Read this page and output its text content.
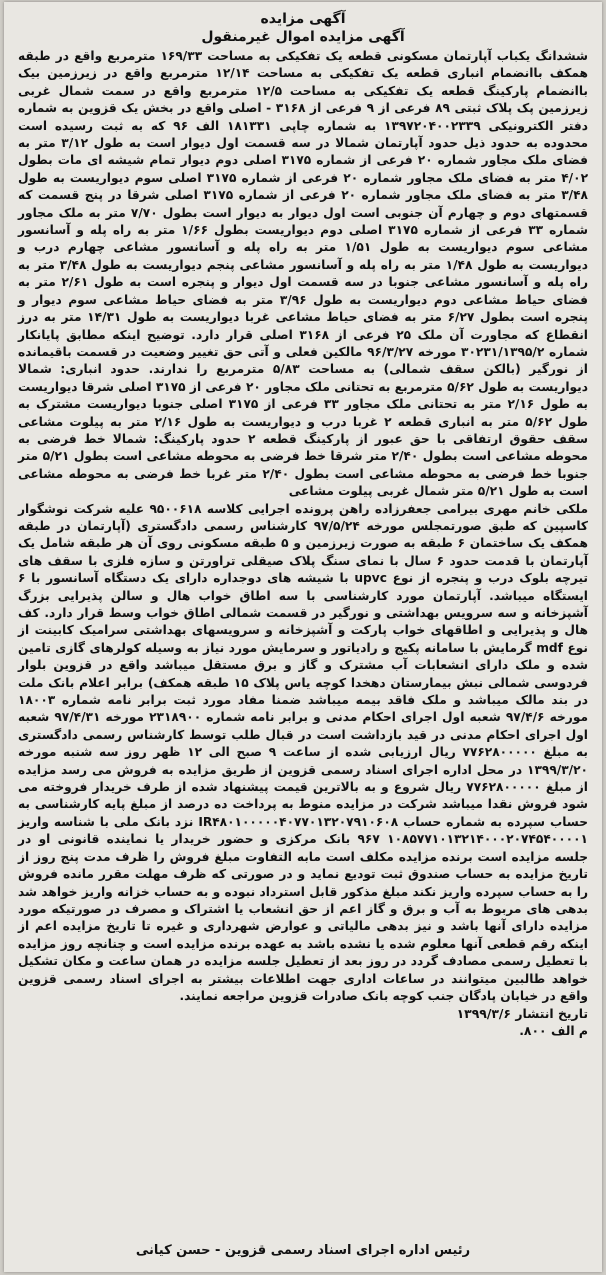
آگهی مزایده
آگهی مزایده اموال غیرمنقول

ششدانگ یکباب آپارتمان مسکونی قطعه یک تفکیکی به مساحت ۱۶۹/۳۳ مترمربع واقع در طبقه همکف باانضمام انباری قطعه یک تفکیکی به مساحت ۱۲/۱۴ مترمربع واقع در زیرزمین بیک باانضمام پارکینگ قطعه یک تفکیکی به مساحت ۱۲/۵ مترمربع واقع در سمت شمال غربی زیرزمین پک پلاک ثبتی ۸۹ فرعی از ۹ فرعی از ۳۱۶۸ - اصلی واقع در بخش یک قزوین به شماره دفتر الکترونیکی ۱۳۹۷۲۰۴۰۰۲۳۳۹ به شماره چاپی ۱۸۱۳۳۱ الف ۹۶ که به ثبت رسیده است محدوده به حدود ذیل حدود آپارتمان شمالا در سه قسمت اول دیوار است به طول ۳/۱۲ متر به فضای ملک مجاور شماره ۲۰ فرعی از شماره ۳۱۷۵ اصلی دوم دیوار تمام شیشه ای مات بطول ۴/۰۲ متر به فضای ملک مجاور شماره ۲۰ فرعی از شماره ۳۱۷۵ اصلی سوم دیواریست به طول ۳/۴۸ متر به فضای ملک مجاور شماره ۲۰ فرعی از شماره ۳۱۷۵ اصلی شرقا در پنج قسمت که قسمتهای دوم و چهارم آن جنوبی است اول دیوار به دیوار است بطول ۷/۷۰ متر به ملک مجاور شماره ۳۳ فرعی از شماره ۳۱۷۵ اصلی دوم دیواریست بطول ۱/۶۶ متر به راه پله و آسانسور مشاعی سوم دیواریست به طول ۱/۵۱ متر به راه پله و آسانسور مشاعی چهارم درب و دیواریست به طول ۱/۴۸ متر به راه پله و آسانسور مشاعی پنجم دیواریست به طول ۳/۴۸ متر به راه پله و آسانسور مشاعی جنوبا در سه قسمت اول دیوار و پنجره است به طول ۲/۶۱ متر به فضای حیاط مشاعی دوم دیواریست به طول ۳/۹۶ متر به فضای حیاط مشاعی سوم دیوار و پنجره است بطول ۶/۲۷ متر به فضای حیاط مشاعی غربا دیواریست به طول ۱۴/۳۱ متر به درز انقطاع که مجاورت آن ملک ۲۵ فرعی از ۳۱۶۸ اصلی قرار دارد. توضیح اینکه مطابق پایانکار شماره ۳۰۲۳۱/۱۳۹۵/۲ مورخه ۹۶/۳/۲۷ مالکین فعلی و آتی حق تغییر وضعیت در قسمت باقیمانده از نورگیر (بالکن سقف شمالی) به مساحت ۵/۸۳ مترمربع را ندارند. حدود انباری: شمالا دیواریست به طول ۵/۶۲ مترمربع به تحتانی ملک مجاور ۲۰ فرعی از ۳۱۷۵ اصلی شرقا دیواریست به طول ۲/۱۶ متر به تحتانی ملک مجاور ۳۳ فرعی از ۳۱۷۵ اصلی جنوبا دیواریست مشترک به طول ۵/۶۲ متر به انباری قطعه ۲ غربا درب و دیواریست به طول ۲/۱۶ متر به پیلوت مشاعی سقف حقوق ارتفاقی با حق عبور از پارکینگ قطعه ۲ حدود پارکینگ: شمالا خط فرضی به محوطه مشاعی است بطول ۲/۴۰ متر شرقا خط فرضی به محوطه مشاعی است بطول ۵/۲۱ متر جنوبا خط فرضی به محوطه مشاعی است بطول ۲/۴۰ متر غربا خط فرضی به محوطه مشاعی است به طول ۵/۲۱ متر شمال غربی پیلوت مشاعی

ملکی خانم مهری بیرامی جعفرزاده راهن پرونده اجرایی کلاسه ۹۵۰۰۶۱۸ علیه شرکت نوشگوار کاسپین که طبق صورتمجلس مورخه ۹۷/۵/۲۴ کارشناس رسمی دادگستری (آپارتمان در طبقه همکف یک ساختمان ۶ طبقه به صورت زیرزمین و ۵ طبقه مسکونی روی آن هر طبقه شامل یک آپارتمان با قدمت حدود ۶ سال با نمای سنگ پلاک صیقلی تراورتن و سازه فلزی با سقف های تیرچه بلوک درب و پنجره از نوع upvc با شیشه های دوجداره دارای یک دستگاه آسانسور با ۶ ایستگاه میباشد. آپارتمان مورد کارشناسی با سه اطاق خواب هال و سالن پذیرایی بزرگ آشپزخانه و سه سرویس بهداشتی و نورگیر در قسمت شمالی اطاق خواب وسط قرار دارد. کف هال و پذیرایی و اطاقهای خواب پارکت و آشپزخانه و سرویسهای بهداشتی سرامیک کابینت از نوع mdf گرمایش با سامانه پکیج و رادیاتور و سرمایش مورد نیاز به وسیله کولرهای گازی تامین شده و ملک دارای انشعابات آب مشترک و گاز و برق مستقل میباشد واقع در قزوین بلوار فردوسی شمالی نبش بیمارستان دهخدا کوچه یاس پلاک ۱۵ طبقه همکف) برابر اعلام بانک ملت در بند مالک میباشد و ملک فاقد بیمه میباشد ضمنا مفاد مورد ثبت برابر نامه شماره ۱۸۰۰۳ مورخه ۹۷/۴/۶ شعبه اول اجرای احکام مدنی و برابر نامه شماره ۲۳۱۸۹۰۰ مورخه ۹۷/۴/۳۱ شعبه اول اجرای احکام مدنی در قید بازداشت است در قبال طلب توسط کارشناس رسمی دادگستری به مبلغ ۷۷۶۲۸۰۰۰۰۰ ریال ارزیابی شده از ساعت ۹ صبح الی ۱۲ ظهر روز سه شنبه مورخه ۱۳۹۹/۳/۲۰ در محل اداره اجرای اسناد رسمی قزوین از طریق مزایده به فروش می رسد مزایده از مبلغ ۷۷۶۲۸۰۰۰۰۰ ریال شروع و به بالاترین قیمت پیشنهاد شده از طرف خریدار فروخته می شود فروش نقدا میباشد شرکت در مزایده منوط به پرداخت ده درصد از مبلغ پایه کارشناسی به حساب سپرده به شماره حساب IR۴۸۰۱۰۰۰۰۰۴۰۷۷۰۱۳۲۰۷۹۱۰۶۰۸ نزد بانک ملی با شناسه واریز ۱۰۸۵۷۷۱۰۱۳۲۱۴۰۰۰۲۰۷۴۵۴۰۰۰۰۱ ۹۶۷ بانک مرکزی و حضور خریدار یا نماینده قانونی او در جلسه مزایده است برنده مزایده مکلف است مابه التفاوت مبلغ فروش را ظرف مدت پنج روز از تاریخ مزایده به حساب صندوق ثبت تودیع نماید و در صورتی که ظرف مهلت مقرر مانده فروش را به حساب سپرده واریز نکند مبلغ مذکور قابل استرداد نبوده و به حساب خزانه واریز خواهد شد بدهی های مربوط به آب و برق و گاز اعم از حق انشعاب یا اشتراک و مصرف در صورتیکه مورد مزایده دارای آنها باشد و نیز بدهی مالیاتی و عوارض شهرداری و غیره تا تاریخ مزایده اعم از اینکه رقم قطعی آنها معلوم شده یا نشده باشد به عهده برنده مزایده است و چنانچه روز مزایده با تعطیل رسمی مصادف گردد در روز بعد از تعطیل جلسه مزایده در همان ساعت و مکان تشکیل خواهد طالبین میتوانند در ساعات اداری جهت اطلاعات بیشتر به اجرای اسناد رسمی قزوین واقع در خیابان پادگان جنب کوچه بانک صادرات قزوین مراجعه نمایند.

تاریخ انتشار ۱۳۹۹/۳/۶
م الف ۸۰۰.
رئیس اداره اجرای اسناد رسمی قزوین - حسن کیانی
